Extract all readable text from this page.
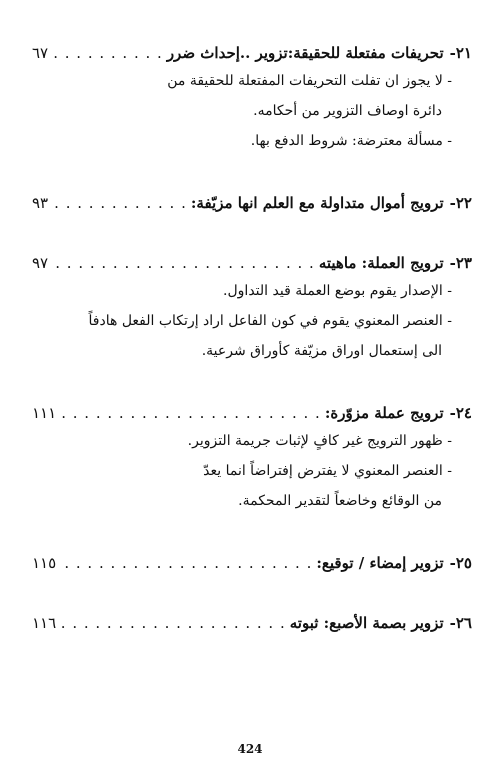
٢١-
تحريفات مفتعلة للحقيقة:تزوير ..إحداث ضرر
. . .
٦٧
- لا يجوز ان تفلت التحريفات المفتعلة للحقيقة من
دائرة اوصاف التزوير من أحكامه.
- مسألة معترضة: شروط الدفع بها.
٢٢-
ترويج أموال متداولة مع العلم انها مزيّفة:
. . .
٩٣
٢٣-
ترويج العملة: ماهيته
. . .
٩٧
- الإصدار يقوم بوضع العملة قيد التداول.
- العنصر المعنوي يقوم في كون الفاعل اراد إرتكاب الفعل هادفاً
الى إستعمال اوراق مزيّفة كأوراق شرعية.
٢٤-
ترويج عملة مزوّرة:
. . .
١١١
- ظهور الترويج غير كافٍ لإثبات جريمة التزوير.
- العنصر المعنوي لا يفترض إفتراضاً انما يعدّ
من الوقائع وخاضعاً لتقدير المحكمة.
٢٥-
تزوير إمضاء / توقيع:
. . .
١١٥
٢٦-
تزوير بصمة الأصبع: ثبوته
. . .
١١٦
424
